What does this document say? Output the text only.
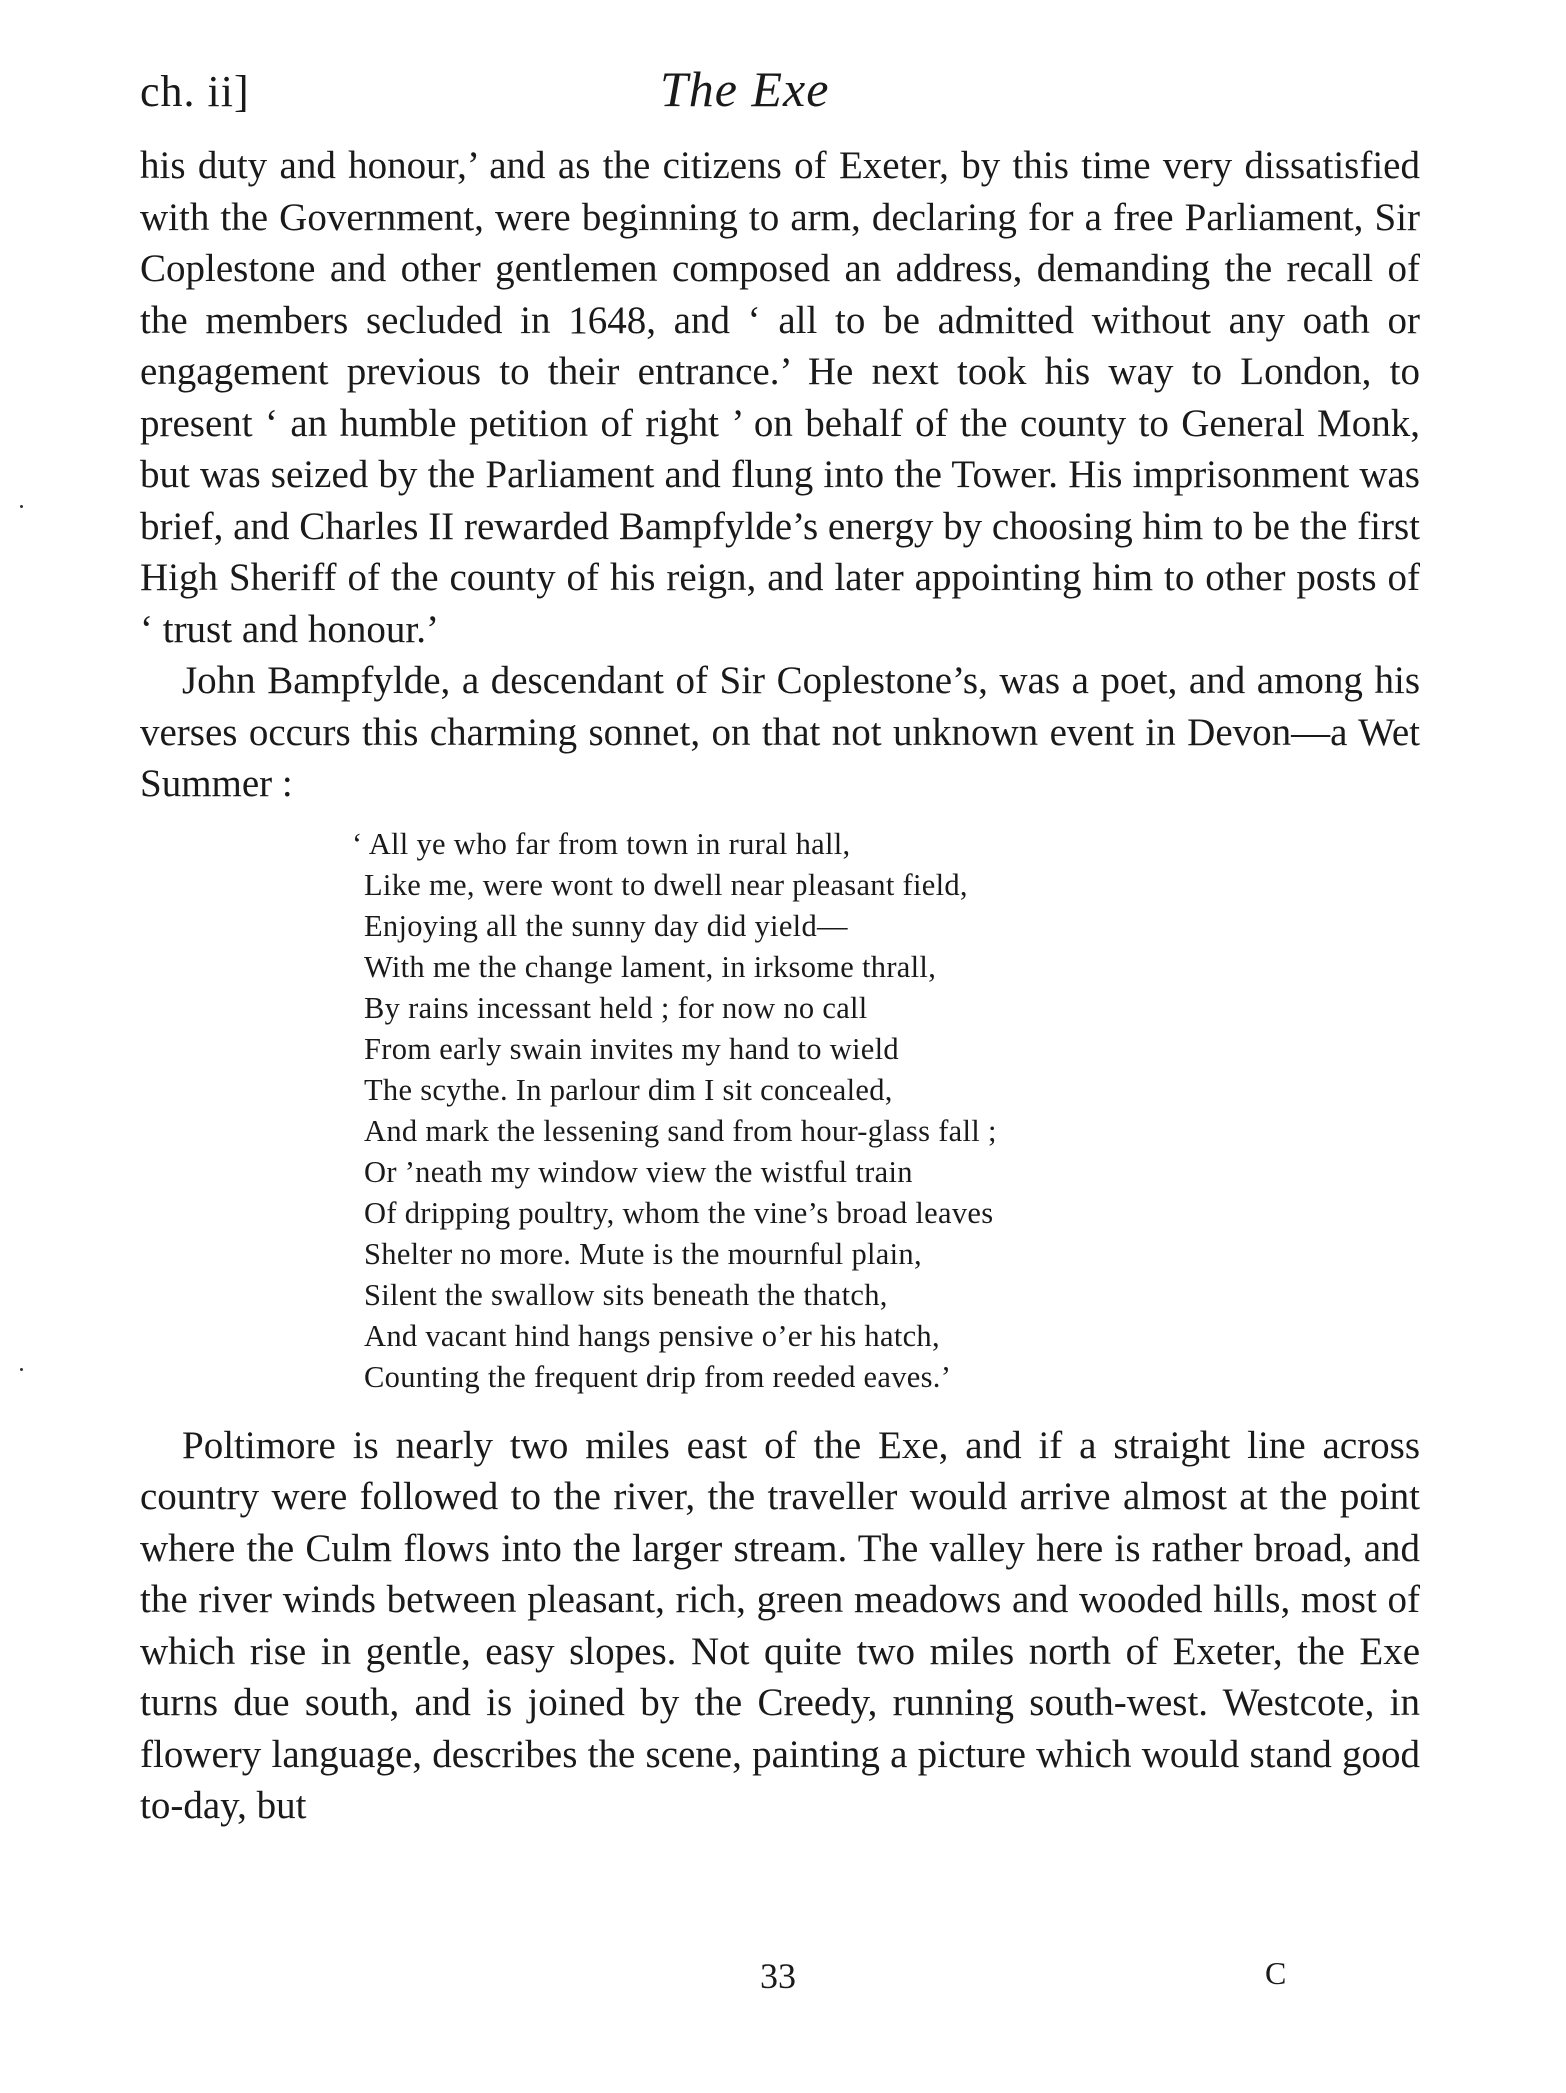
ch. ii]	The Exe

his duty and honour,’ and as the citizens of Exeter, by this time very dissatisfied with the Government, were beginning to arm, declaring for a free Parliament, Sir Coplestone and other gentlemen composed an address, demanding the recall of the members secluded in 1648, and ‘ all to be admitted without any oath or engagement previous to their entrance.’ He next took his way to London, to present ‘ an humble petition of right ’ on behalf of the county to General Monk, but was seized by the Parliament and flung into the Tower. His imprisonment was brief, and Charles II rewarded Bampfylde’s energy by choosing him to be the first High Sheriff of the county of his reign, and later appointing him to other posts of ‘ trust and honour.’

John Bampfylde, a descendant of Sir Coplestone’s, was a poet, and among his verses occurs this charming sonnet, on that not unknown event in Devon—a Wet Summer :

‘ All ye who far from town in rural hall,
Like me, were wont to dwell near pleasant field,
Enjoying all the sunny day did yield—
With me the change lament, in irksome thrall,
By rains incessant held ; for now no call
From early swain invites my hand to wield
The scythe. In parlour dim I sit concealed,
And mark the lessening sand from hour-glass fall ;
Or ’neath my window view the wistful train
Of dripping poultry, whom the vine’s broad leaves
Shelter no more. Mute is the mournful plain,
Silent the swallow sits beneath the thatch,
And vacant hind hangs pensive o’er his hatch,
Counting the frequent drip from reeded eaves.’

Poltimore is nearly two miles east of the Exe, and if a straight line across country were followed to the river, the traveller would arrive almost at the point where the Culm flows into the larger stream. The valley here is rather broad, and the river winds between pleasant, rich, green meadows and wooded hills, most of which rise in gentle, easy slopes. Not quite two miles north of Exeter, the Exe turns due south, and is joined by the Creedy, running south-west. Westcote, in flowery language, describes the scene, painting a picture which would stand good to-day, but

33	C
